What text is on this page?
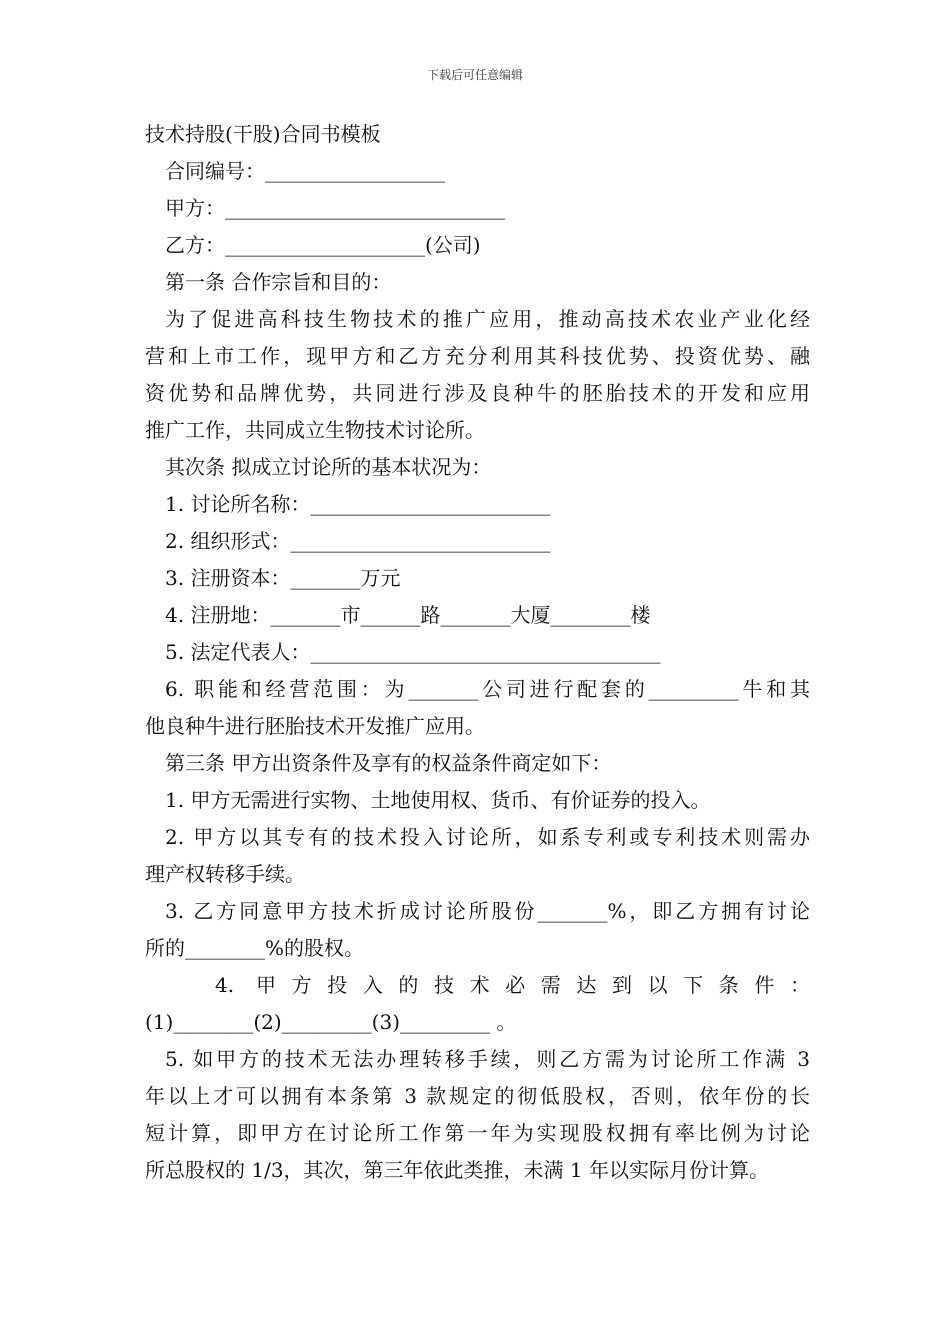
下载后可任意编辑

技术持股(干股)合同书模板

合同编号：__________________

甲方：____________________________

乙方：____________________(公司)

第一条 合作宗旨和目的：

为了促进高科技生物技术的推广应用，推动高技术农业产业化经

营和上市工作，现甲方和乙方充分利用其科技优势、投资优势、融

资优势和品牌优势，共同进行涉及良种牛的胚胎技术的开发和应用

推广工作，共同成立生物技术讨论所。

其次条 拟成立讨论所的基本状况为：

1. 讨论所名称：________________________

2. 组织形式：__________________________

3. 注册资本：_______万元

4. 注册地：_______市______路_______大厦________楼

5. 法定代表人：___________________________________

6. 职能和经营范围：为_______公司进行配套的_________牛和其

他良种牛进行胚胎技术开发推广应用。

第三条 甲方出资条件及享有的权益条件商定如下：

1. 甲方无需进行实物、土地使用权、货币、有价证券的投入。

2. 甲方以其专有的技术投入讨论所，如系专利或专利技术则需办

理产权转移手续。

3. 乙方同意甲方技术折成讨论所股份_______%，即乙方拥有讨论

所的________%的股权。

4.  甲 方 投 入 的 技 术 必 需 达 到 以 下 条 件 ：

(1)________(2)_________(3)_________ 。

5. 如甲方的技术无法办理转移手续，则乙方需为讨论所工作满 3

年以上才可以拥有本条第 3 款规定的彻低股权，否则，依年份的长

短计算，即甲方在讨论所工作第一年为实现股权拥有率比例为讨论

所总股权的 1/3，其次，第三年依此类推，未满 1 年以实际月份计算。
